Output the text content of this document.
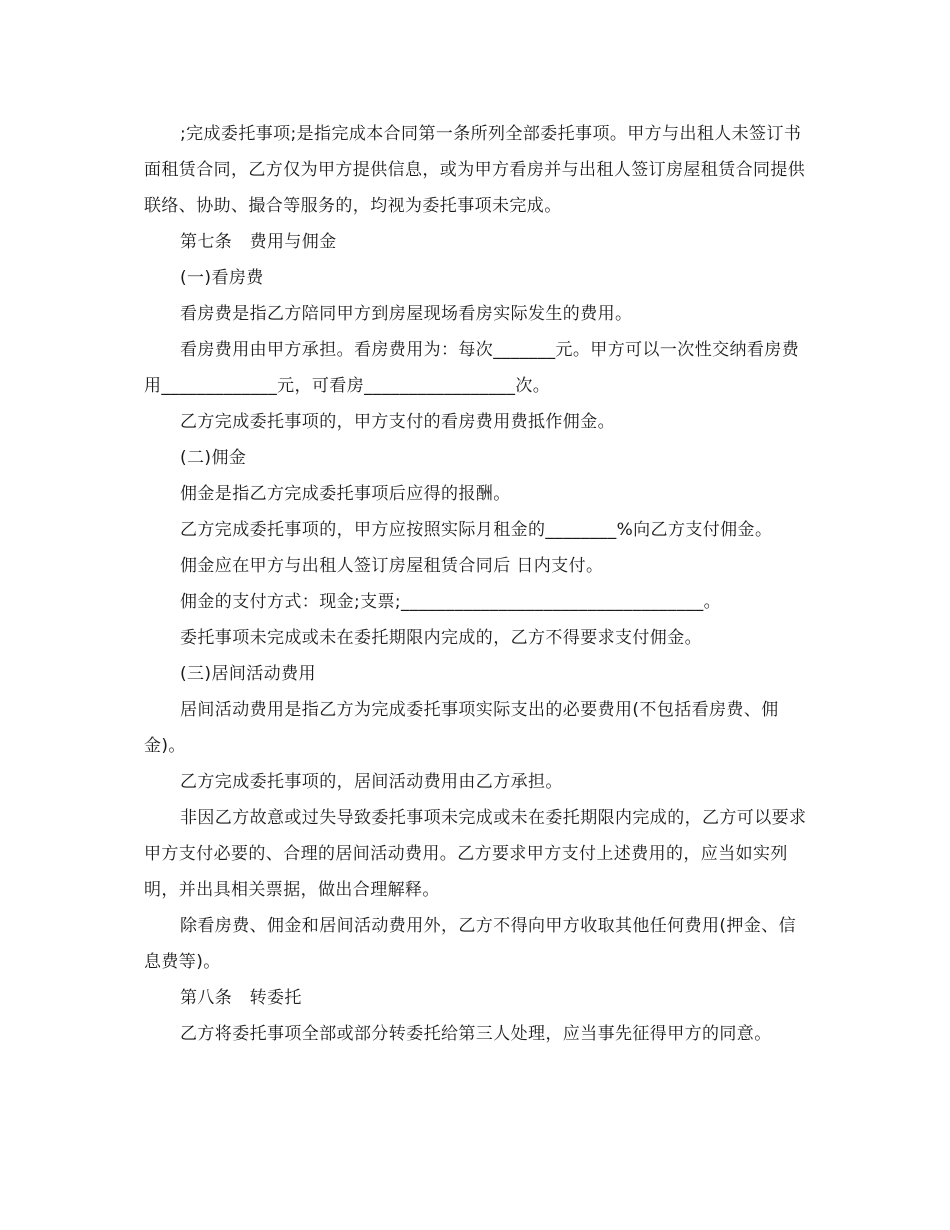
;完成委托事项;是指完成本合同第一条所列全部委托事项。甲方与出租人未签订书面租赁合同，乙方仅为甲方提供信息，或为甲方看房并与出租人签订房屋租赁合同提供联络、协助、撮合等服务的，均视为委托事项未完成。

第七条　费用与佣金

(一)看房费

看房费是指乙方陪同甲方到房屋现场看房实际发生的费用。

看房费用由甲方承担。看房费用为：每次_______元。甲方可以一次性交纳看房费用_____________元，可看房_________________次。

乙方完成委托事项的，甲方支付的看房费用费抵作佣金。

(二)佣金

佣金是指乙方完成委托事项后应得的报酬。

乙方完成委托事项的，甲方应按照实际月租金的________%向乙方支付佣金。

佣金应在甲方与出租人签订房屋租赁合同后 日内支付。

佣金的支付方式：现金;支票;__________________________________。

委托事项未完成或未在委托期限内完成的，乙方不得要求支付佣金。

(三)居间活动费用

居间活动费用是指乙方为完成委托事项实际支出的必要费用(不包括看房费、佣金)。

乙方完成委托事项的，居间活动费用由乙方承担。

非因乙方故意或过失导致委托事项未完成或未在委托期限内完成的，乙方可以要求甲方支付必要的、合理的居间活动费用。乙方要求甲方支付上述费用的，应当如实列明，并出具相关票据，做出合理解释。

除看房费、佣金和居间活动费用外，乙方不得向甲方收取其他任何费用(押金、信息费等)。

第八条　转委托

乙方将委托事项全部或部分转委托给第三人处理，应当事先征得甲方的同意。
